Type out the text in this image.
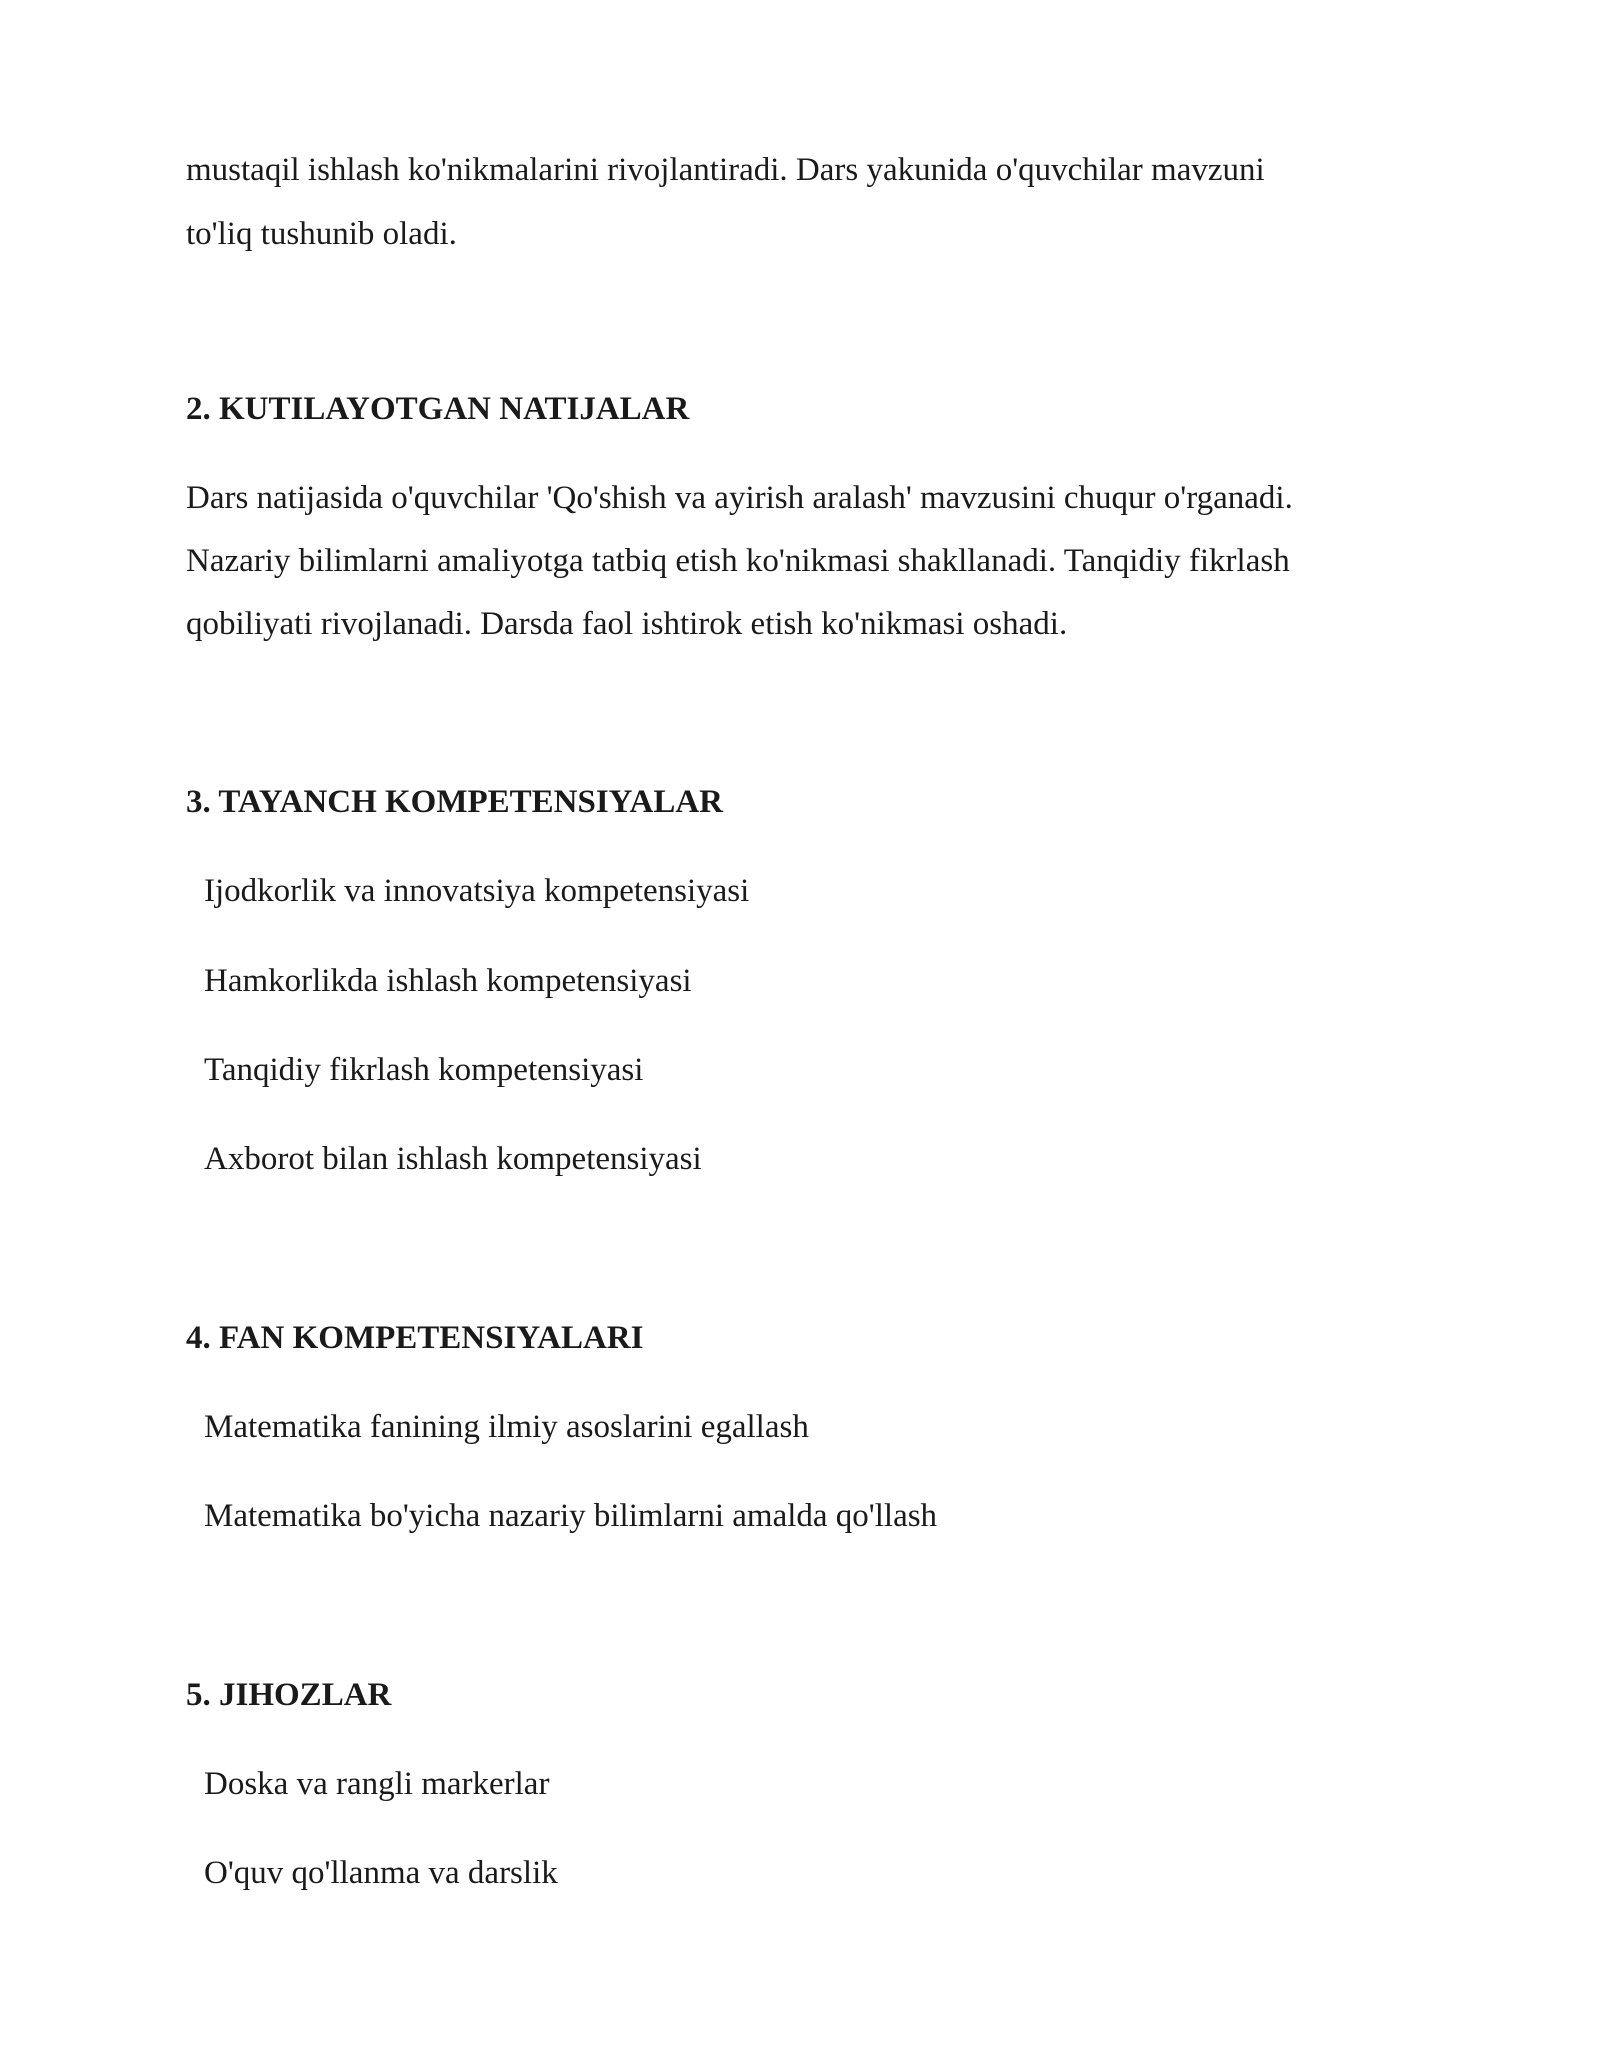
mustaqil ishlash ko'nikmalarini rivojlantiradi. Dars yakunida o'quvchilar mavzuni
to'liq tushunib oladi.
2. KUTILAYOTGAN NATIJALAR
Dars natijasida o'quvchilar 'Qo'shish va ayirish aralash' mavzusini chuqur o'rganadi.
Nazariy bilimlarni amaliyotga tatbiq etish ko'nikmasi shakllanadi. Tanqidiy fikrlash
qobiliyati rivojlanadi. Darsda faol ishtirok etish ko'nikmasi oshadi.
3. TAYANCH KOMPETENSIYALAR
Ijodkorlik va innovatsiya kompetensiyasi
Hamkorlikda ishlash kompetensiyasi
Tanqidiy fikrlash kompetensiyasi
Axborot bilan ishlash kompetensiyasi
4. FAN KOMPETENSIYALARI
Matematika fanining ilmiy asoslarini egallash
Matematika bo'yicha nazariy bilimlarni amalda qo'llash
5. JIHOZLAR
Doska va rangli markerlar
O'quv qo'llanma va darslik
